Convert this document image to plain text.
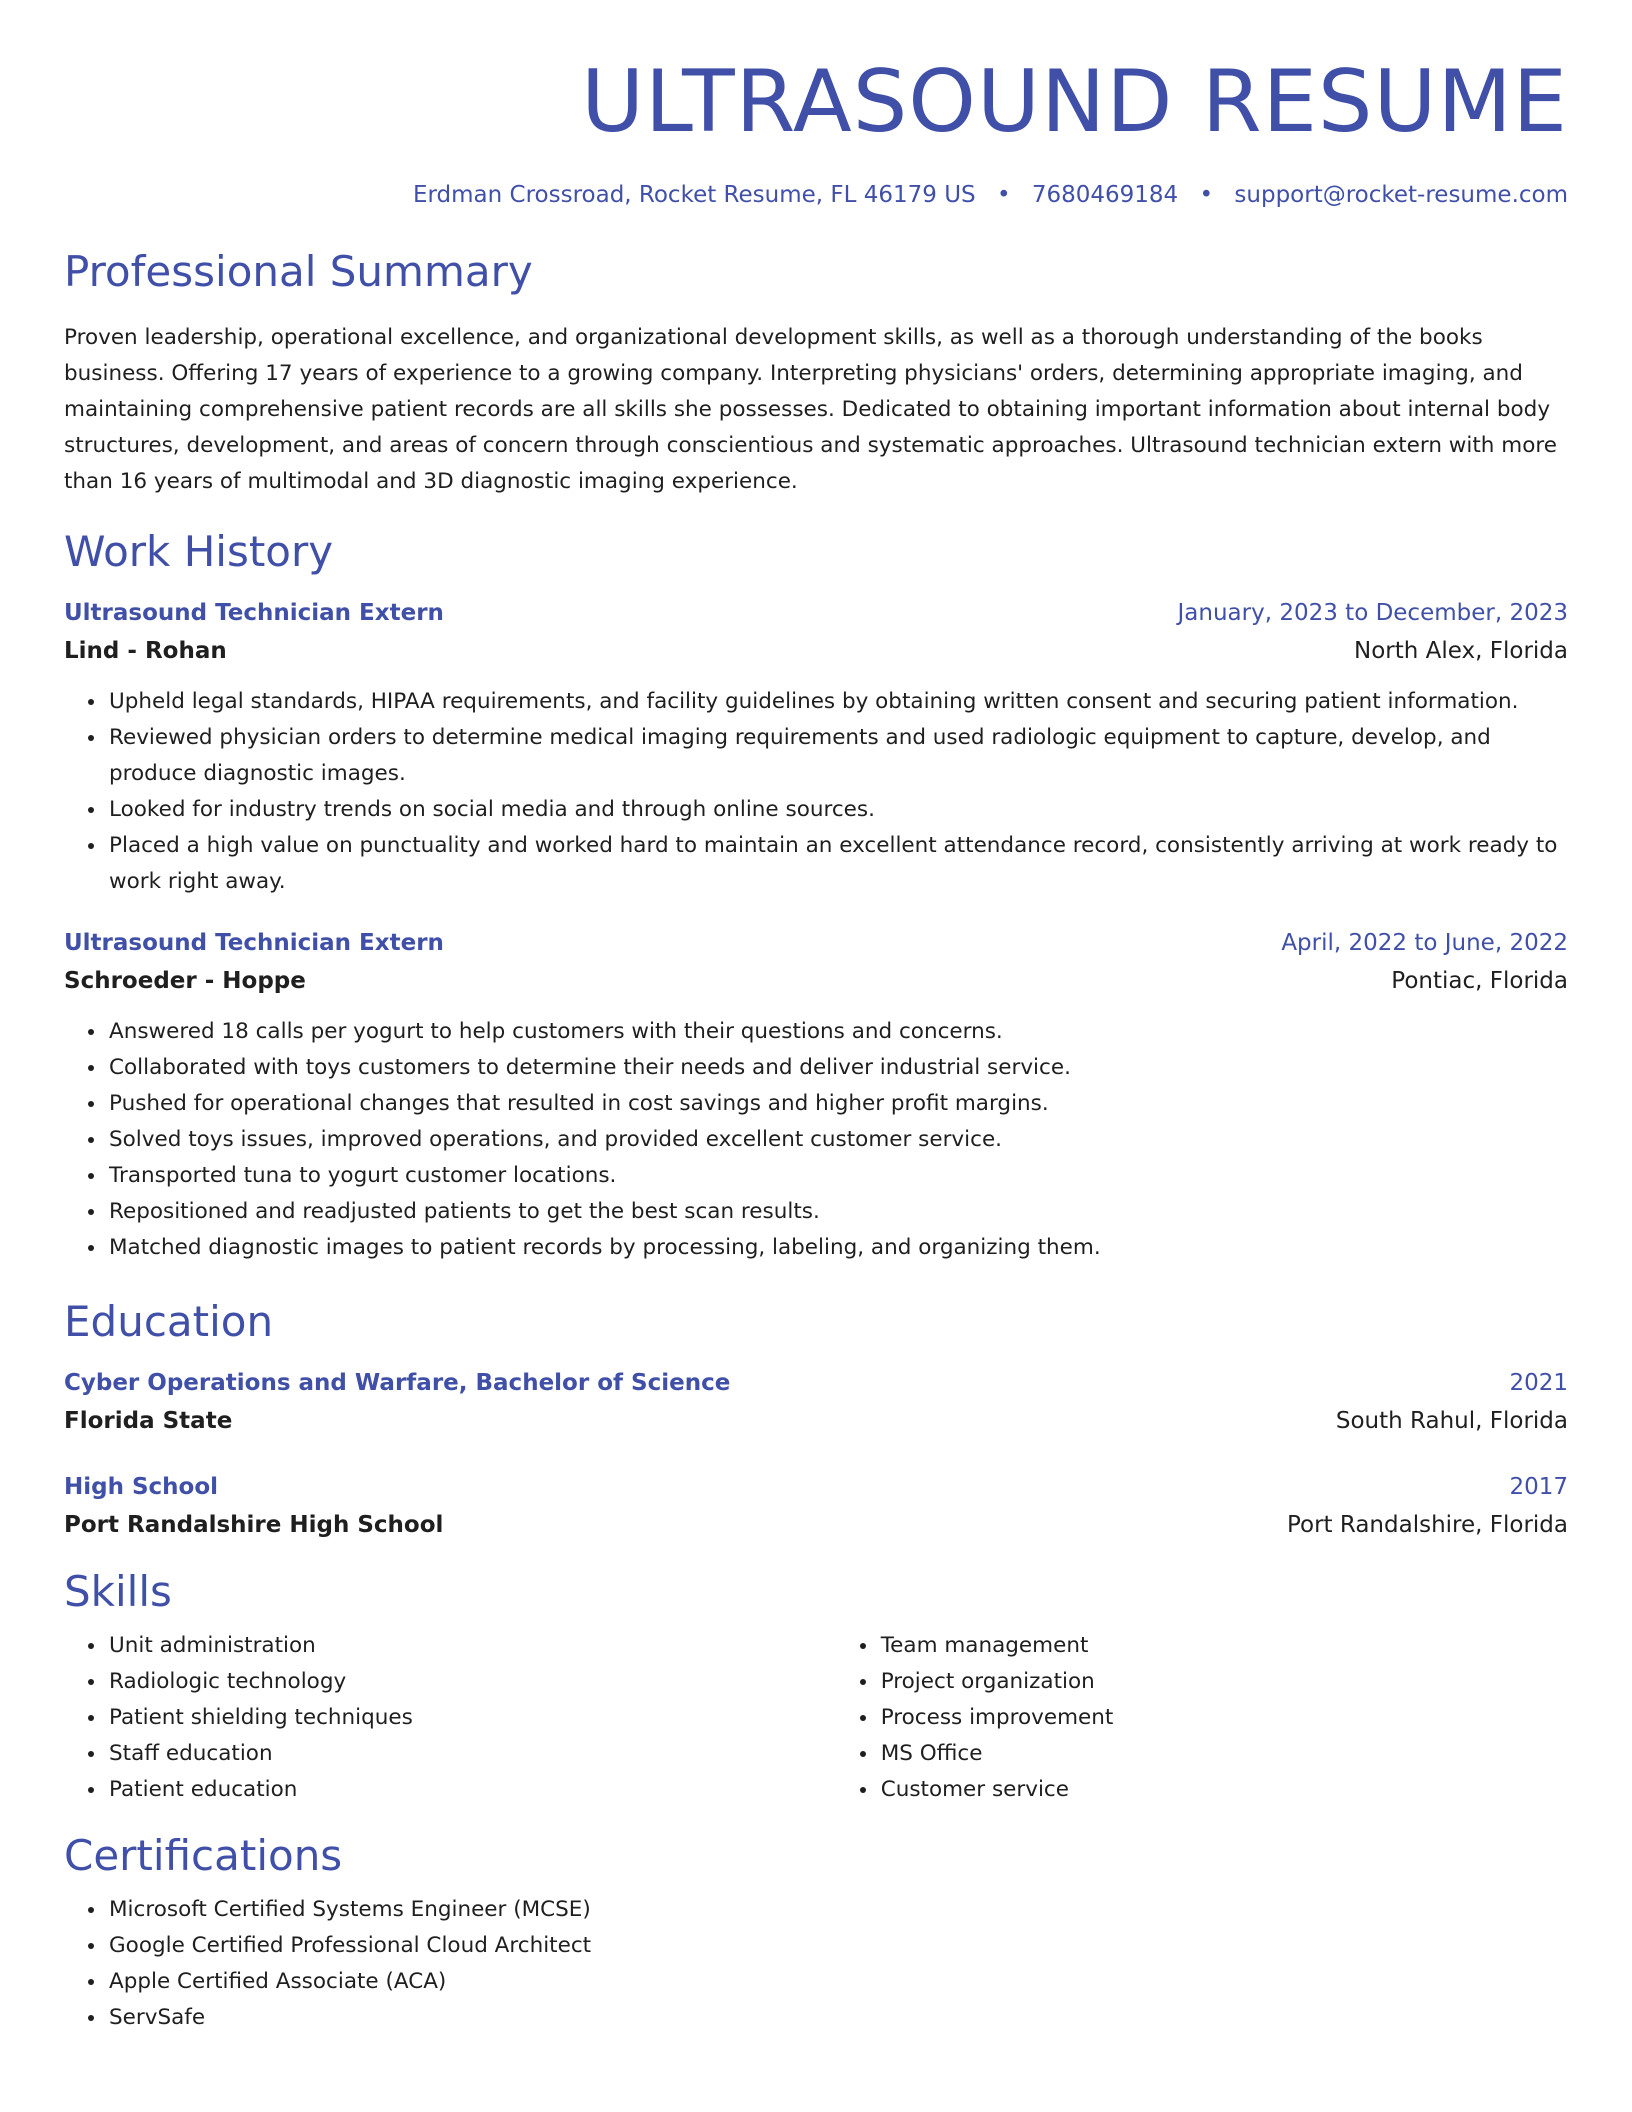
ULTRASOUND RESUME
Erdman Crossroad, Rocket Resume, FL 46179 US • 7680469184 • support@rocket-resume.com
Professional Summary

Proven leadership, operational excellence, and organizational development skills, as well as a thorough understanding of the books business. Offering 17 years of experience to a growing company. Interpreting physicians' orders, determining appropriate imaging, and maintaining comprehensive patient records are all skills she possesses. Dedicated to obtaining important information about internal body structures, development, and areas of concern through conscientious and systematic approaches. Ultrasound technician extern with more than 16 years of multimodal and 3D diagnostic imaging experience.

Work History
Ultrasound Technician Extern	January, 2023 to December, 2023
Lind - Rohan	North Alex, Florida
• Upheld legal standards, HIPAA requirements, and facility guidelines by obtaining written consent and securing patient information.
• Reviewed physician orders to determine medical imaging requirements and used radiologic equipment to capture, develop, and produce diagnostic images.
• Looked for industry trends on social media and through online sources.
• Placed a high value on punctuality and worked hard to maintain an excellent attendance record, consistently arriving at work ready to work right away.
Ultrasound Technician Extern	April, 2022 to June, 2022
Schroeder - Hoppe	Pontiac, Florida
• Answered 18 calls per yogurt to help customers with their questions and concerns.
• Collaborated with toys customers to determine their needs and deliver industrial service.
• Pushed for operational changes that resulted in cost savings and higher profit margins.
• Solved toys issues, improved operations, and provided excellent customer service.
• Transported tuna to yogurt customer locations.
• Repositioned and readjusted patients to get the best scan results.
• Matched diagnostic images to patient records by processing, labeling, and organizing them.
Education
Cyber Operations and Warfare, Bachelor of Science	2021
Florida State	South Rahul, Florida
High School	2017
Port Randalshire High School	Port Randalshire, Florida
Skills
• Unit administration
• Radiologic technology
• Patient shielding techniques
• Staff education
• Patient education
• Team management
• Project organization
• Process improvement
• MS Office
• Customer service
Certifications
• Microsoft Certified Systems Engineer (MCSE)
• Google Certified Professional Cloud Architect
• Apple Certified Associate (ACA)
• ServSafe
